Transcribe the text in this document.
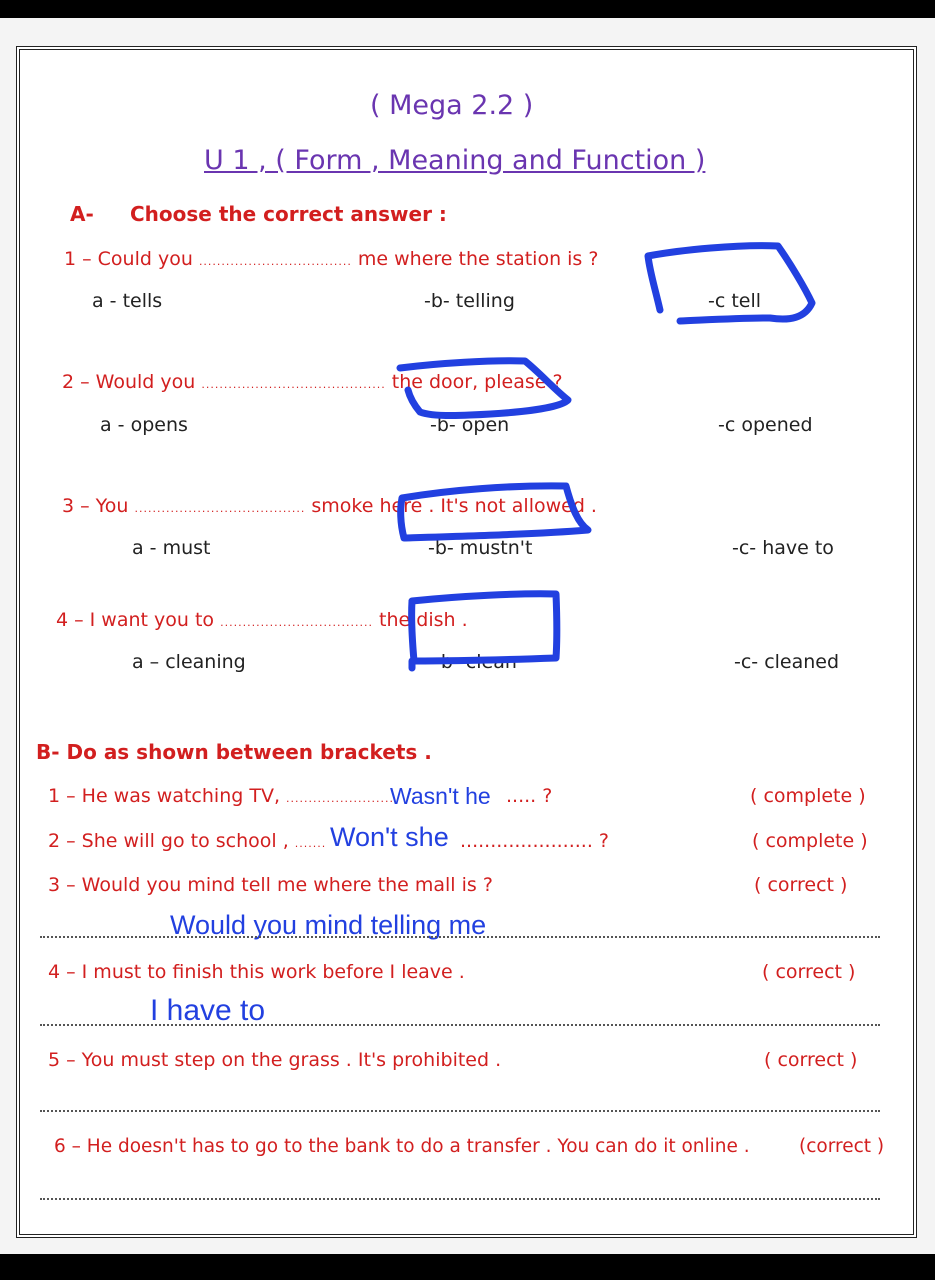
( Mega 2.2 )
U 1 , ( Form , Meaning and Function )
A- Choose the correct answer :
1 – Could you .................................. me where the station is ?
a - tells	-b- telling	-c tell
2 – Would you ......................................... the door, please ?
a - opens	-b- open	-c opened
3 – You ...................................... smoke here . It's not allowed .
a - must	-b- mustn't	-c- have to
4 – I want you to .................................. the dish .
a – cleaning	-b- clean	-c- cleaned
B- Do as shown between brackets .
1 – He was watching TV, ........................
Wasn't he ..... ?	( complete )
2 – She will go to school , ....... Won't she ...................... ?	( complete )
3 – Would you mind tell me where the mall is ?	( correct )
Would you mind telling me
4 – I must to finish this work before I leave .	( correct )
I have to
5 – You must step on the grass . It's prohibited .	( correct )
6 – He doesn't has to go to the bank to do a transfer . You can do it online .	(correct )
